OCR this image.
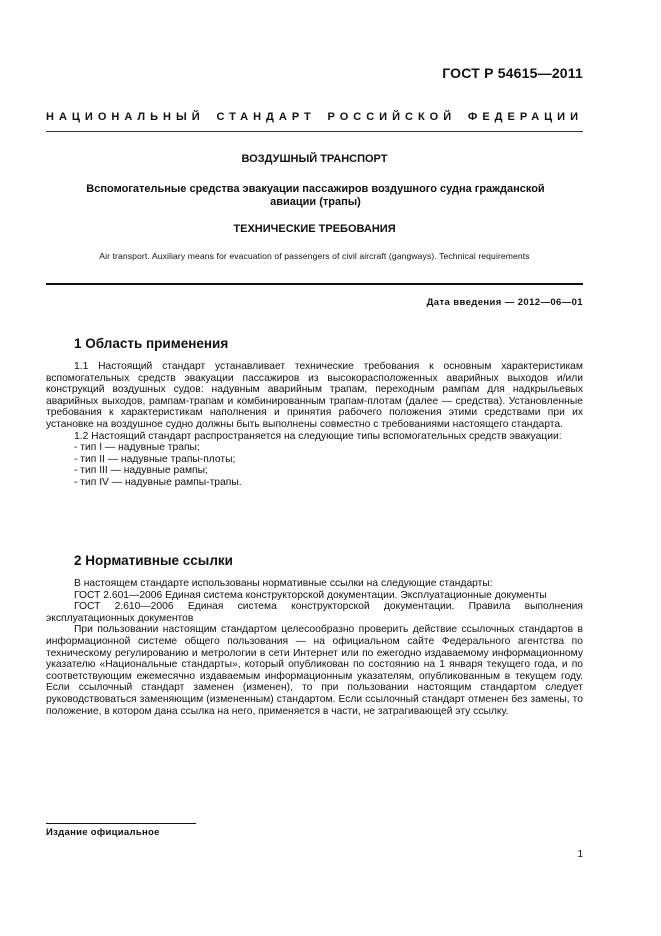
ГОСТ Р 54615—2011
НАЦИОНАЛЬНЫЙ СТАНДАРТ РОССИЙСКОЙ ФЕДЕРАЦИИ
ВОЗДУШНЫЙ ТРАНСПОРТ
Вспомогательные средства эвакуации пассажиров воздушного судна гражданской авиации (трапы)
ТЕХНИЧЕСКИЕ ТРЕБОВАНИЯ
Air transport. Auxiliary means for evacuation of passengers of civil aircraft (gangways). Technical requirements
Дата введения — 2012—06—01
1 Область применения

1.1 Настоящий стандарт устанавливает технические требования к основным характеристикам вспомогательных средств эвакуации пассажиров из высокорасположенных аварийных выходов и/или конструкций воздушных судов: надувным аварийным трапам, переходным рампам для надкрыльевых аварийных выходов, рампам-трапам и комбинированным трапам-плотам (далее — средства). Установленные требования к характеристикам наполнения и принятия рабочего положения этими средствами при их установке на воздушное судно должны быть выполнены совместно с требованиями настоящего стандарта.

1.2 Настоящий стандарт распространяется на следующие типы вспомогательных средств эвакуации:

- тип I — надувные трапы;

- тип II — надувные трапы-плоты;

- тип III — надувные рампы;

- тип IV — надувные рампы-трапы.

2 Нормативные ссылки

В настоящем стандарте использованы нормативные ссылки на следующие стандарты:

ГОСТ 2.601—2006 Единая система конструкторской документации. Эксплуатационные документы

ГОСТ 2.610—2006 Единая система конструкторской документации. Правила выполнения эксплуатационных документов

При пользовании настоящим стандартом целесообразно проверить действие ссылочных стандартов в информационной системе общего пользования — на официальном сайте Федерального агентства по техническому регулированию и метрологии в сети Интернет или по ежегодно издаваемому информационному указателю «Национальные стандарты», который опубликован по состоянию на 1 января текущего года, и по соответствующим ежемесячно издаваемым информационным указателям, опубликованным в текущем году. Если ссылочный стандарт заменен (изменен), то при пользовании настоящим стандартом следует руководствоваться заменяющим (измененным) стандартом. Если ссылочный стандарт отменен без замены, то положение, в котором дана ссылка на него, применяется в части, не затрагивающей эту ссылку.

Издание официальное
1
